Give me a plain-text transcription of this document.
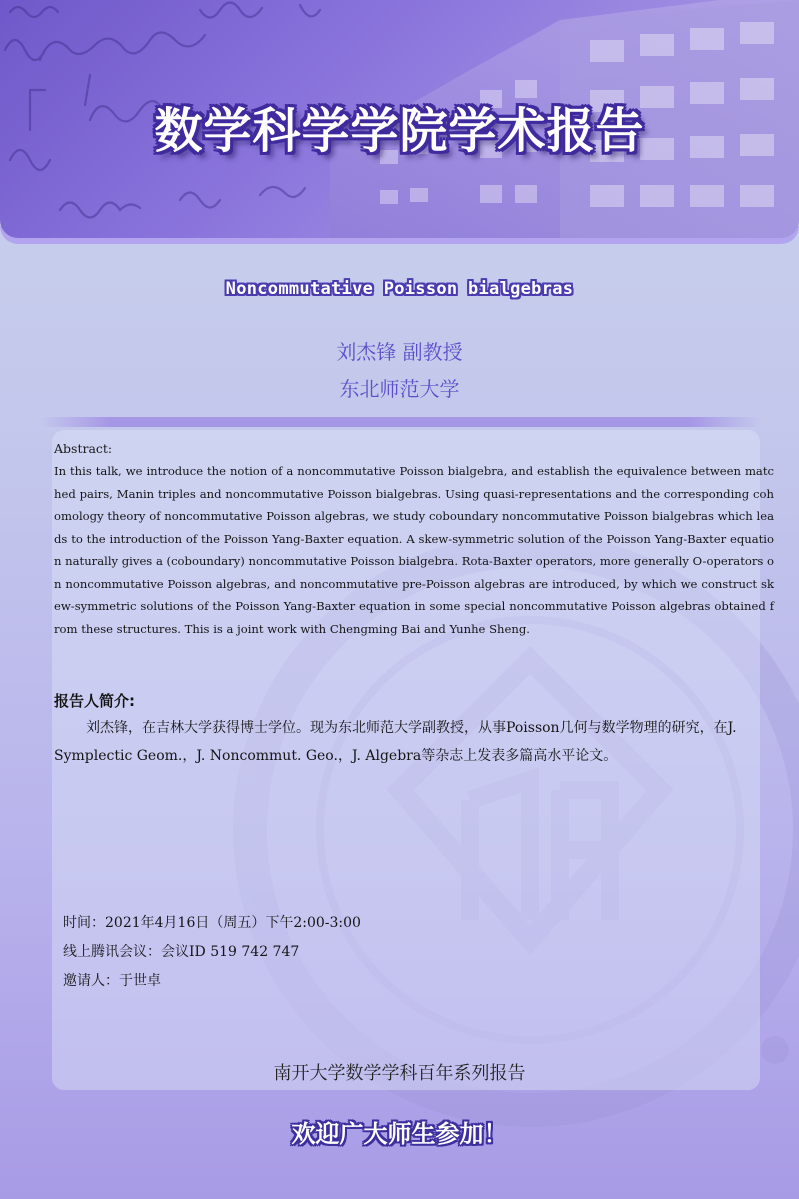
数学科学学院学术报告
Noncommutative Poisson bialgebras
刘杰锋 副教授
东北师范大学
Abstract:
In this talk, we introduce the notion of a noncommutative Poisson bialgebra, and establish the equivalence between matched pairs, Manin triples and noncommutative Poisson bialgebras. Using quasi-representations and the corresponding cohomology theory of noncommutative Poisson algebras, we study coboundary noncommutative Poisson bialgebras which leads to the introduction of the Poisson Yang-Baxter equation. A skew-symmetric solution of the Poisson Yang-Baxter equation naturally gives a (coboundary) noncommutative Poisson bialgebra. Rota-Baxter operators, more generally O-operators on noncommutative Poisson algebras, and noncommutative pre-Poisson algebras are introduced, by which we construct skew-symmetric solutions of the Poisson Yang-Baxter equation in some special noncommutative Poisson algebras obtained from these structures. This is a joint work with Chengming Bai and Yunhe Sheng.
报告人简介:
刘杰锋，在吉林大学获得博士学位。现为东北师范大学副教授，从事Poisson几何与数学物理的研究，在J. Symplectic Geom.，J. Noncommut. Geo.，J. Algebra等杂志上发表多篇高水平论文。
时间：2021年4月16日（周五）下午2:00-3:00
线上腾讯会议：会议ID 519 742 747
邀请人：于世卓
南开大学数学学科百年系列报告
欢迎广大师生参加！
